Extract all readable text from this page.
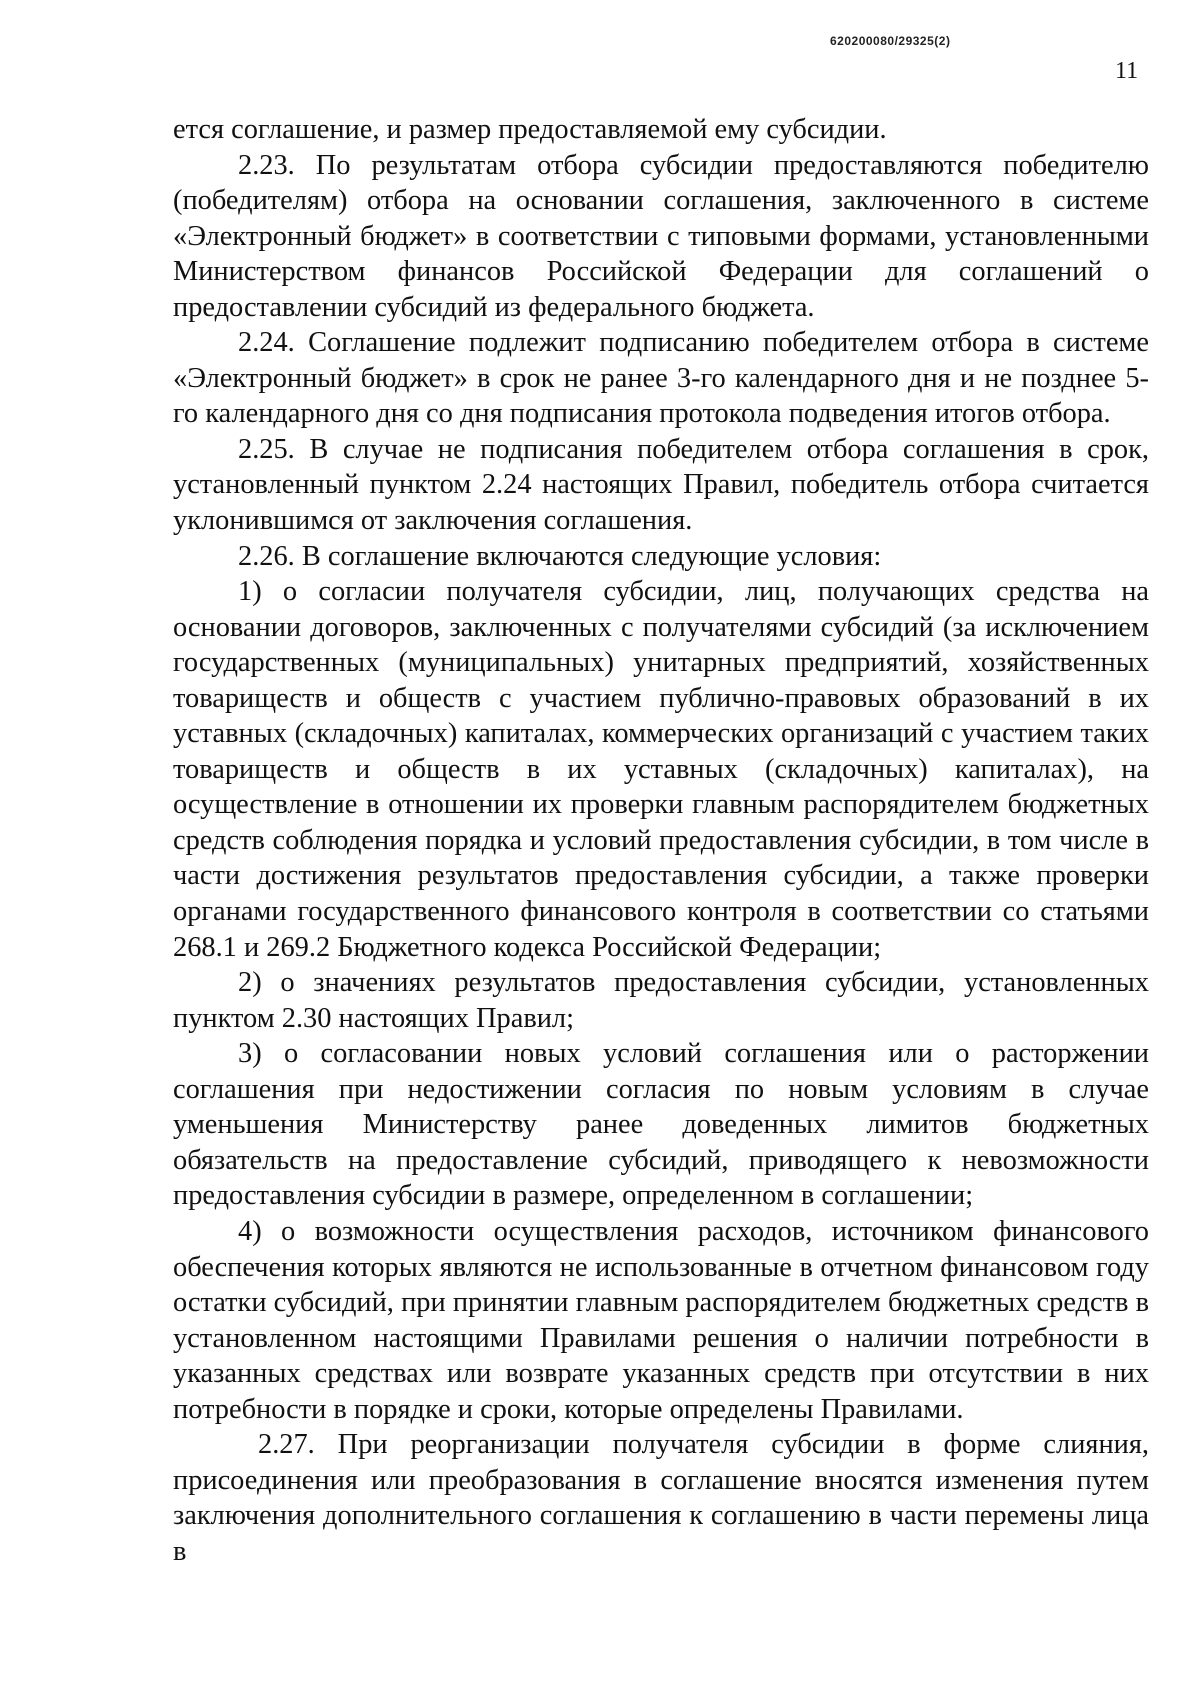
620200080/29325(2)
11

ется соглашение, и размер предоставляемой ему субсидии.

2.23. По результатам отбора субсидии предоставляются победителю (победителям) отбора на основании соглашения, заключенного в системе «Электронный бюджет» в соответствии с типовыми формами, установленными Министерством финансов Российской Федерации для соглашений о предоставлении субсидий из федерального бюджета.

2.24. Соглашение подлежит подписанию победителем отбора в системе «Электронный бюджет» в срок не ранее 3-го календарного дня и не позднее 5-го календарного дня со дня подписания протокола подведения итогов отбора.

2.25. В случае не подписания победителем отбора соглашения в срок, установленный пунктом 2.24 настоящих Правил, победитель отбора считается уклонившимся от заключения соглашения.

2.26. В соглашение включаются следующие условия:

1) о согласии получателя субсидии, лиц, получающих средства на основании договоров, заключенных с получателями субсидий (за исключением государственных (муниципальных) унитарных предприятий, хозяйственных товариществ и обществ с участием публично-правовых образований в их уставных (складочных) капиталах, коммерческих организаций с участием таких товариществ и обществ в их уставных (складочных) капиталах), на осуществление в отношении их проверки главным распорядителем бюджетных средств соблюдения порядка и условий предоставления субсидии, в том числе в части достижения результатов предоставления субсидии, а также проверки органами государственного финансового контроля в соответствии со статьями 268.1 и 269.2 Бюджетного кодекса Российской Федерации;

2) о значениях результатов предоставления субсидии, установленных пунктом 2.30 настоящих Правил;

3) о согласовании новых условий соглашения или о расторжении соглашения при недостижении согласия по новым условиям в случае уменьшения Министерству ранее доведенных лимитов бюджетных обязательств на предоставление субсидий, приводящего к невозможности предоставления субсидии в размере, определенном в соглашении;

4) о возможности осуществления расходов, источником финансового обеспечения которых являются не использованные в отчетном финансовом году остатки субсидий, при принятии главным распорядителем бюджетных средств в установленном настоящими Правилами решения о наличии потребности в указанных средствах или возврате указанных средств при отсутствии в них потребности в порядке и сроки, которые определены Правилами.

2.27. При реорганизации получателя субсидии в форме слияния, присоединения или преобразования в соглашение вносятся изменения путем заключения дополнительного соглашения к соглашению в части перемены лица в
